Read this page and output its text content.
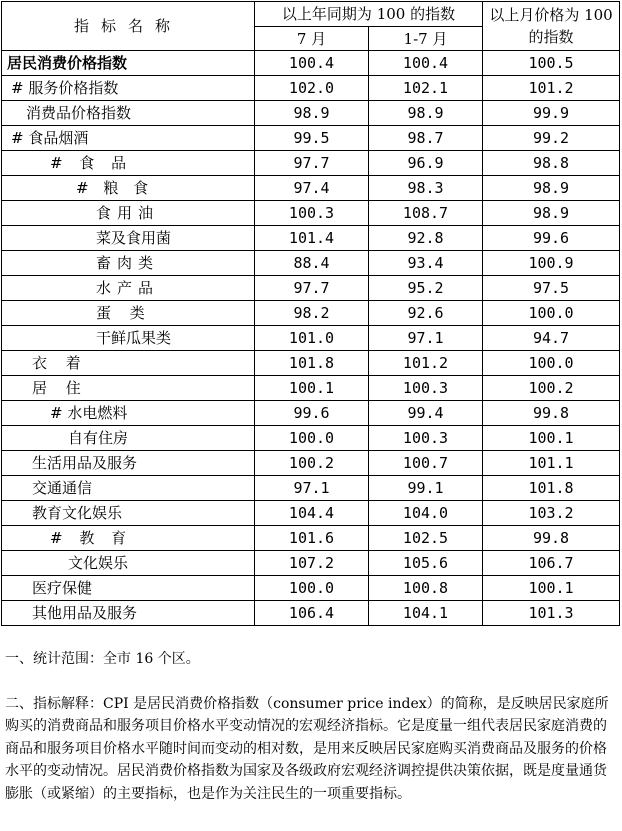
指标名称	以上年同期为 100 的指数		以上月价格为 100 的指数
	7 月	1-7 月	
居民消费价格指数	100.4	100.4	100.5
# 服务价格指数	102.0	102.1	101.2
消费品价格指数	98.9	98.9	99.9
# 食品烟酒	99.5	98.7	99.2
# 食 品	97.7	96.9	98.8
# 粮 食	97.4	98.3	98.9
食用油	100.3	108.7	98.9
菜及食用菌	101.4	92.8	99.6
畜肉类	88.4	93.4	100.9
水产品	97.7	95.2	97.5
蛋 类	98.2	92.6	100.0
干鲜瓜果类	101.0	97.1	94.7
衣 着	101.8	101.2	100.0
居 住	100.1	100.3	100.2
# 水电燃料	99.6	99.4	99.8
自有住房	100.0	100.3	100.1
生活用品及服务	100.2	100.7	101.1
交通通信	97.1	99.1	101.8
教育文化娱乐	104.4	104.0	103.2
# 教 育	101.6	102.5	99.8
文化娱乐	107.2	105.6	106.7
医疗保健	100.0	100.8	100.1
其他用品及服务	106.4	104.1	101.3

一、统计范围：全市 16 个区。

二、指标解释：CPI 是居民消费价格指数（consumer price index）的简称，是反映居民家庭所购买的消费商品和服务项目价格水平变动情况的宏观经济指标。它是度量一组代表居民家庭消费的商品和服务项目价格水平随时间而变动的相对数，是用来反映居民家庭购买消费商品及服务的价格水平的变动情况。居民消费价格指数为国家及各级政府宏观经济调控提供决策依据，既是度量通货膨胀（或紧缩）的主要指标，也是作为关注民生的一项重要指标。
